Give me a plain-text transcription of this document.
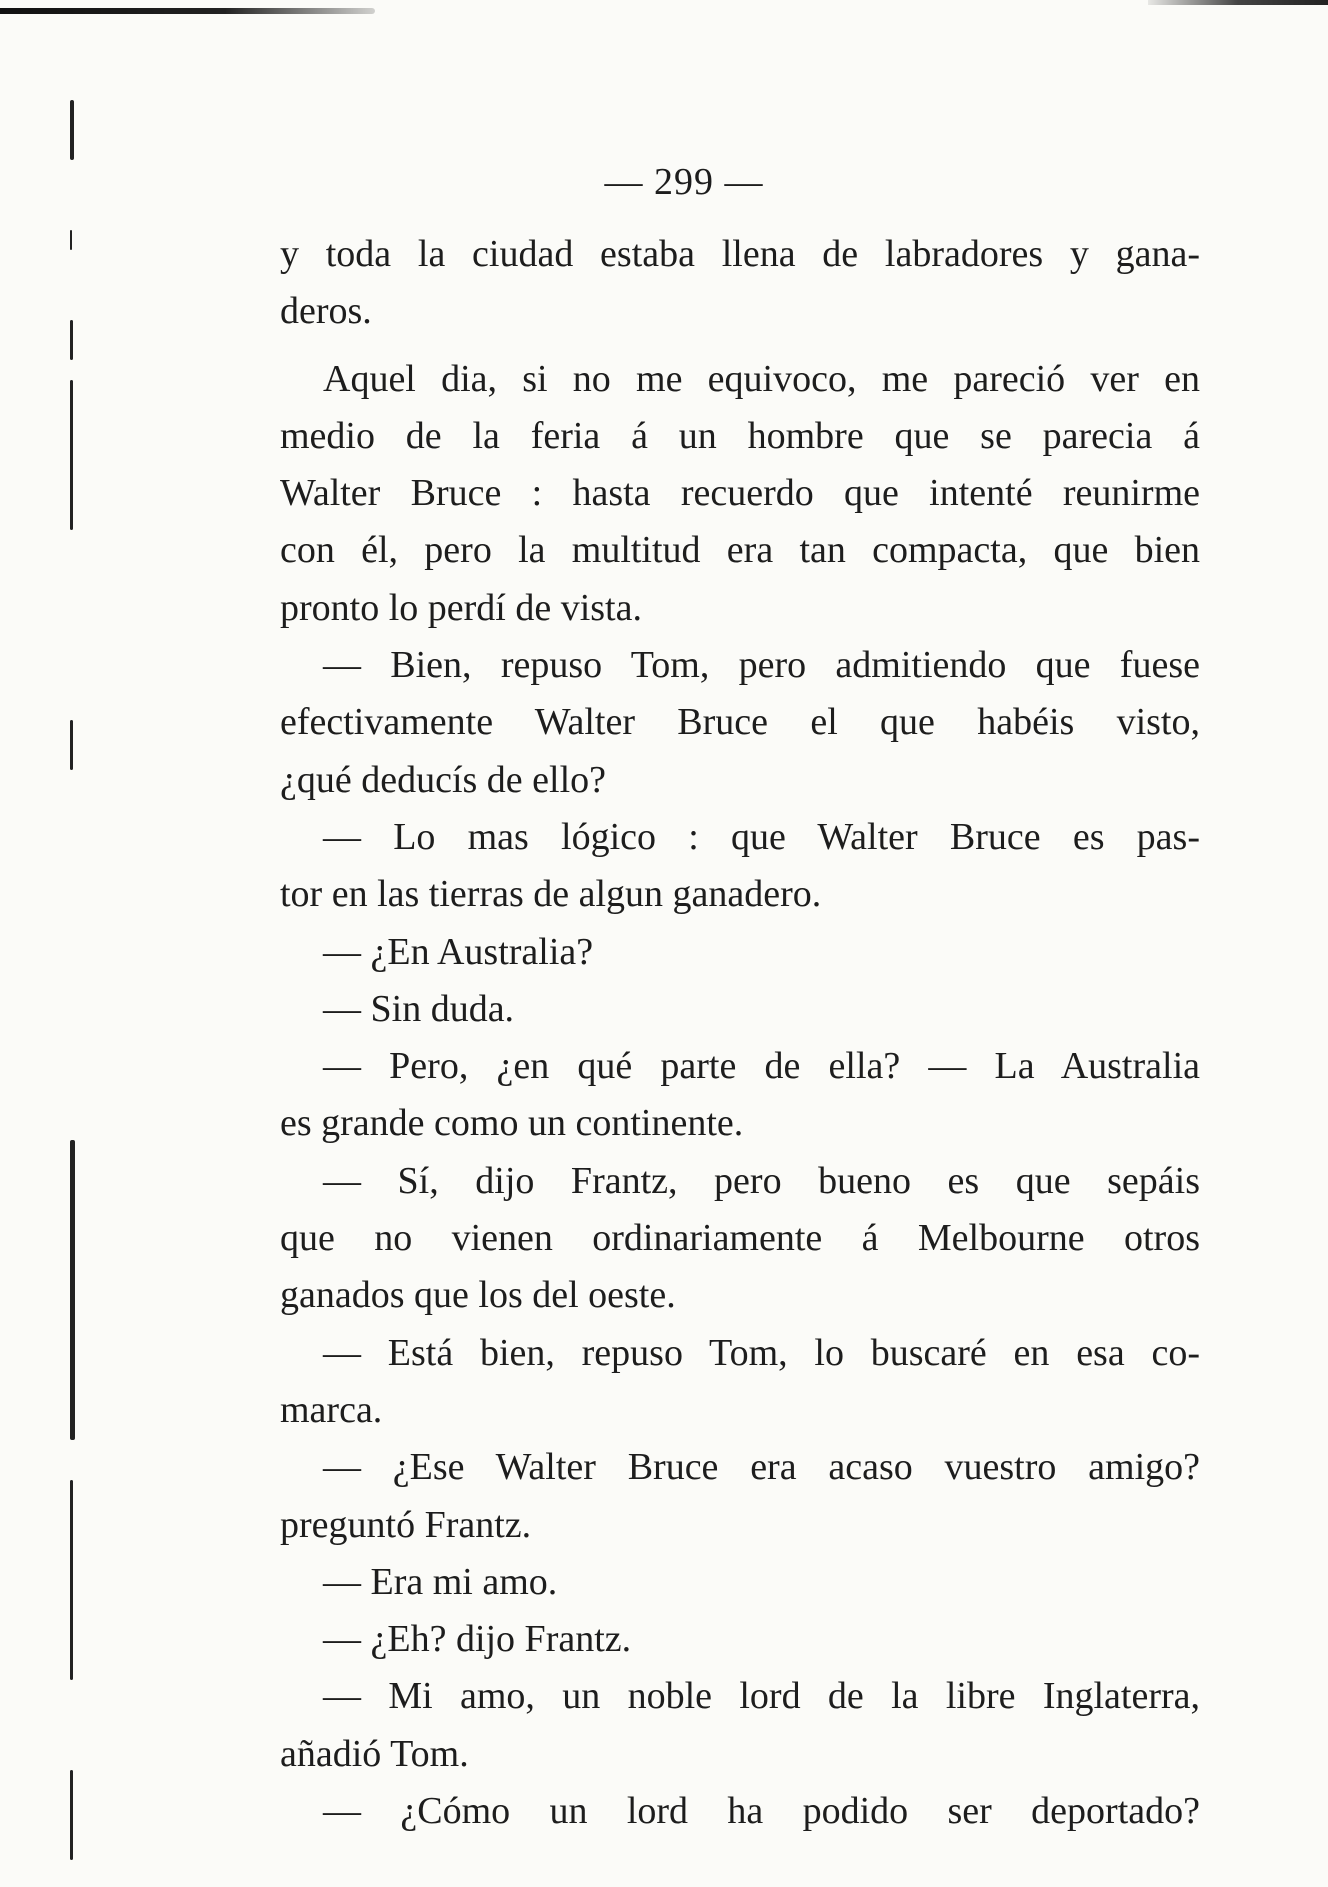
— 299 —
y toda la ciudad estaba llena de labradores y gana-
deros.
Aquel dia, si no me equivoco, me pareció ver en
medio de la feria á un hombre que se parecia á
Walter Bruce : hasta recuerdo que intenté reunirme
con él, pero la multitud era tan compacta, que bien
pronto lo perdí de vista.
— Bien, repuso Tom, pero admitiendo que fuese
efectivamente Walter Bruce el que habéis visto,
¿qué deducís de ello?
— Lo mas lógico : que Walter Bruce es pas-
tor en las tierras de algun ganadero.
— ¿En Australia?
— Sin duda.
— Pero, ¿en qué parte de ella? — La Australia
es grande como un continente.
— Sí, dijo Frantz, pero bueno es que sepáis
que no vienen ordinariamente á Melbourne otros
ganados que los del oeste.
— Está bien, repuso Tom, lo buscaré en esa co-
marca.
— ¿Ese Walter Bruce era acaso vuestro amigo?
preguntó Frantz.
— Era mi amo.
— ¿Eh? dijo Frantz.
— Mi amo, un noble lord de la libre Inglaterra,
añadió Tom.
— ¿Cómo un lord ha podido ser deportado?
